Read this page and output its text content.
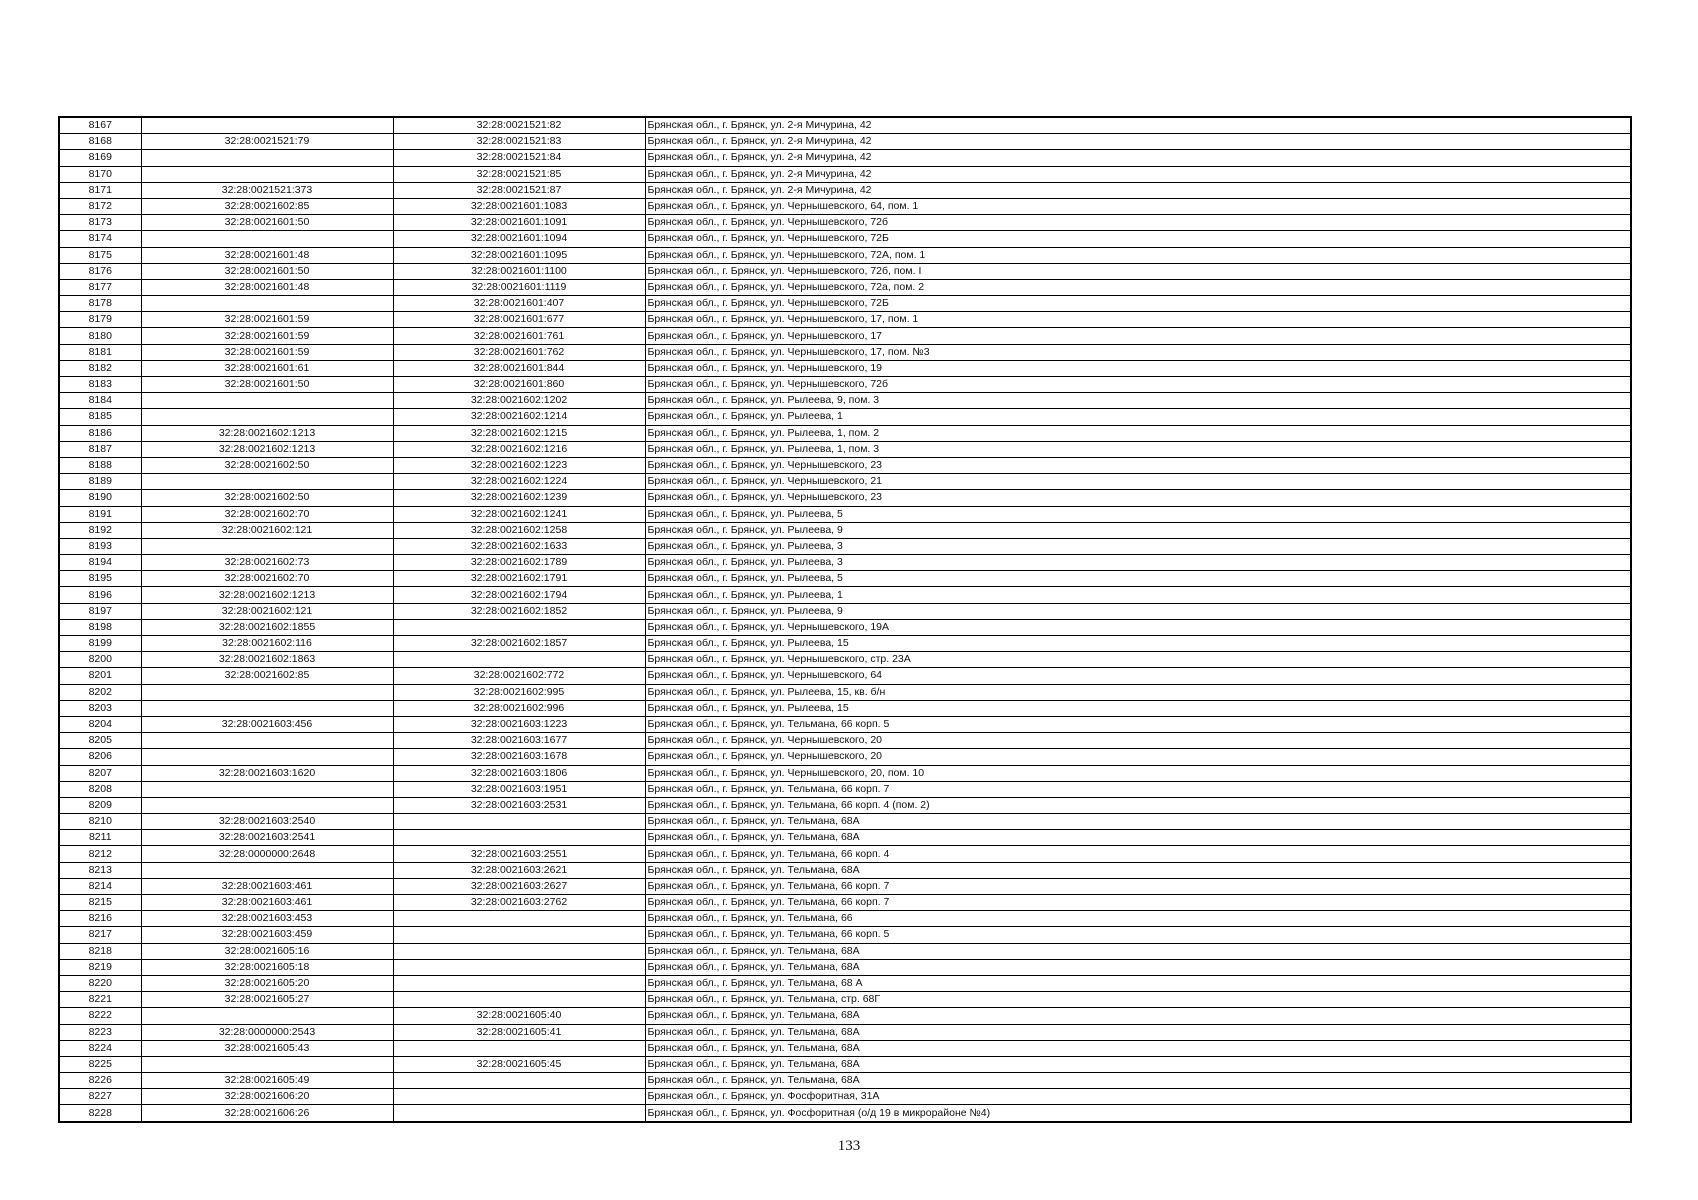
8167		32:28:0021521:82	Брянская обл., г. Брянск, ул. 2-я Мичурина, 42
8168	32:28:0021521:79	32:28:0021521:83	Брянская обл., г. Брянск, ул. 2-я Мичурина, 42
8169		32:28:0021521:84	Брянская обл., г. Брянск, ул. 2-я Мичурина, 42
8170		32:28:0021521:85	Брянская обл., г. Брянск, ул. 2-я Мичурина, 42
8171	32:28:0021521:373	32:28:0021521:87	Брянская обл., г. Брянск, ул. 2-я Мичурина, 42
8172	32:28:0021602:85	32:28:0021601:1083	Брянская обл., г. Брянск, ул. Чернышевского, 64, пом. 1
8173	32:28:0021601:50	32:28:0021601:1091	Брянская обл., г. Брянск, ул. Чернышевского, 72б
8174		32:28:0021601:1094	Брянская обл., г. Брянск, ул. Чернышевского, 72Б
8175	32:28:0021601:48	32:28:0021601:1095	Брянская обл., г. Брянск, ул. Чернышевского, 72А, пом. 1
8176	32:28:0021601:50	32:28:0021601:1100	Брянская обл., г. Брянск, ул. Чернышевского, 72б, пом. I
8177	32:28:0021601:48	32:28:0021601:1119	Брянская обл., г. Брянск, ул. Чернышевского, 72а, пом. 2
8178		32:28:0021601:407	Брянская обл., г. Брянск, ул. Чернышевского, 72Б
8179	32:28:0021601:59	32:28:0021601:677	Брянская обл., г. Брянск, ул. Чернышевского, 17, пом. 1
8180	32:28:0021601:59	32:28:0021601:761	Брянская обл., г. Брянск, ул. Чернышевского, 17
8181	32:28:0021601:59	32:28:0021601:762	Брянская обл., г. Брянск, ул. Чернышевского, 17, пом. №3
8182	32:28:0021601:61	32:28:0021601:844	Брянская обл., г. Брянск, ул. Чернышевского, 19
8183	32:28:0021601:50	32:28:0021601:860	Брянская обл., г. Брянск, ул. Чернышевского, 72б
8184		32:28:0021602:1202	Брянская обл., г. Брянск, ул. Рылеева, 9, пом. 3
8185		32:28:0021602:1214	Брянская обл., г. Брянск, ул. Рылеева, 1
8186	32:28:0021602:1213	32:28:0021602:1215	Брянская обл., г. Брянск, ул. Рылеева, 1, пом. 2
8187	32:28:0021602:1213	32:28:0021602:1216	Брянская обл., г. Брянск, ул. Рылеева, 1, пом. 3
8188	32:28:0021602:50	32:28:0021602:1223	Брянская обл., г. Брянск, ул. Чернышевского, 23
8189		32:28:0021602:1224	Брянская обл., г. Брянск, ул. Чернышевского, 21
8190	32:28:0021602:50	32:28:0021602:1239	Брянская обл., г. Брянск, ул. Чернышевского, 23
8191	32:28:0021602:70	32:28:0021602:1241	Брянская обл., г. Брянск, ул. Рылеева, 5
8192	32:28:0021602:121	32:28:0021602:1258	Брянская обл., г. Брянск, ул. Рылеева, 9
8193		32:28:0021602:1633	Брянская обл., г. Брянск, ул. Рылеева, 3
8194	32:28:0021602:73	32:28:0021602:1789	Брянская обл., г. Брянск, ул. Рылеева, 3
8195	32:28:0021602:70	32:28:0021602:1791	Брянская обл., г. Брянск, ул. Рылеева, 5
8196	32:28:0021602:1213	32:28:0021602:1794	Брянская обл., г. Брянск, ул. Рылеева, 1
8197	32:28:0021602:121	32:28:0021602:1852	Брянская обл., г. Брянск, ул. Рылеева, 9
8198	32:28:0021602:1855		Брянская обл., г. Брянск, ул. Чернышевского, 19А
8199	32:28:0021602:116	32:28:0021602:1857	Брянская обл., г. Брянск, ул. Рылеева, 15
8200	32:28:0021602:1863		Брянская обл., г. Брянск, ул. Чернышевского, стр. 23А
8201	32:28:0021602:85	32:28:0021602:772	Брянская обл., г. Брянск, ул. Чернышевского, 64
8202		32:28:0021602:995	Брянская обл., г. Брянск, ул. Рылеева, 15, кв. б/н
8203		32:28:0021602:996	Брянская обл., г. Брянск, ул. Рылеева, 15
8204	32:28:0021603:456	32:28:0021603:1223	Брянская обл., г. Брянск, ул. Тельмана, 66 корп. 5
8205		32:28:0021603:1677	Брянская обл., г. Брянск, ул. Чернышевского, 20
8206		32:28:0021603:1678	Брянская обл., г. Брянск, ул. Чернышевского, 20
8207	32:28:0021603:1620	32:28:0021603:1806	Брянская обл., г. Брянск, ул. Чернышевского, 20, пом. 10
8208		32:28:0021603:1951	Брянская обл., г. Брянск, ул. Тельмана, 66 корп. 7
8209		32:28:0021603:2531	Брянская обл., г. Брянск, ул. Тельмана, 66 корп. 4 (пом. 2)
8210	32:28:0021603:2540		Брянская обл., г. Брянск, ул. Тельмана, 68А
8211	32:28:0021603:2541		Брянская обл., г. Брянск, ул. Тельмана, 68А
8212	32:28:0000000:2648	32:28:0021603:2551	Брянская обл., г. Брянск, ул. Тельмана, 66 корп. 4
8213		32:28:0021603:2621	Брянская обл., г. Брянск, ул. Тельмана, 68А
8214	32:28:0021603:461	32:28:0021603:2627	Брянская обл., г. Брянск, ул. Тельмана, 66 корп. 7
8215	32:28:0021603:461	32:28:0021603:2762	Брянская обл., г. Брянск, ул. Тельмана, 66 корп. 7
8216	32:28:0021603:453		Брянская обл., г. Брянск, ул. Тельмана, 66
8217	32:28:0021603:459		Брянская обл., г. Брянск, ул. Тельмана, 66 корп. 5
8218	32:28:0021605:16		Брянская обл., г. Брянск, ул. Тельмана, 68А
8219	32:28:0021605:18		Брянская обл., г. Брянск, ул. Тельмана, 68А
8220	32:28:0021605:20		Брянская обл., г. Брянск, ул. Тельмана, 68 А
8221	32:28:0021605:27		Брянская обл., г. Брянск, ул. Тельмана, стр. 68Г
8222		32:28:0021605:40	Брянская обл., г. Брянск, ул. Тельмана, 68А
8223	32:28:0000000:2543	32:28:0021605:41	Брянская обл., г. Брянск, ул. Тельмана, 68А
8224	32:28:0021605:43		Брянская обл., г. Брянск, ул. Тельмана, 68А
8225		32:28:0021605:45	Брянская обл., г. Брянск, ул. Тельмана, 68А
8226	32:28:0021605:49		Брянская обл., г. Брянск, ул. Тельмана, 68А
8227	32:28:0021606:20		Брянская обл., г. Брянск, ул. Фосфоритная, 31А
8228	32:28:0021606:26		Брянская обл., г. Брянск, ул. Фосфоритная (о/д 19 в микрорайоне №4)
133
